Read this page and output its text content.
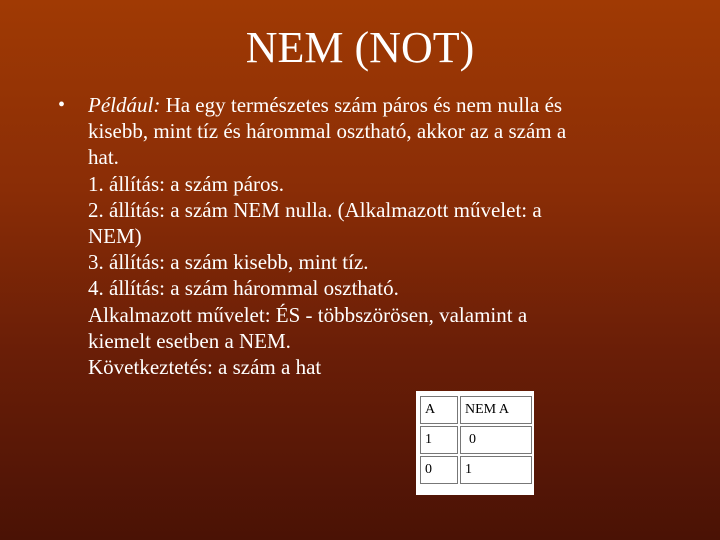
NEM (NOT)
• Például: Ha egy természetes szám páros és nem nulla és
kisebb, mint tíz és hárommal osztható, akkor az a szám a
hat.
1. állítás: a szám páros.
2. állítás: a szám NEM nulla. (Alkalmazott művelet: a
NEM)
3. állítás: a szám kisebb, mint tíz.
4. állítás: a szám hárommal osztható.
Alkalmazott művelet: ÉS - többszörösen, valamint a
kiemelt esetben a NEM.
Következtetés: a szám a hat
A	NEM A
1	0
0	1
